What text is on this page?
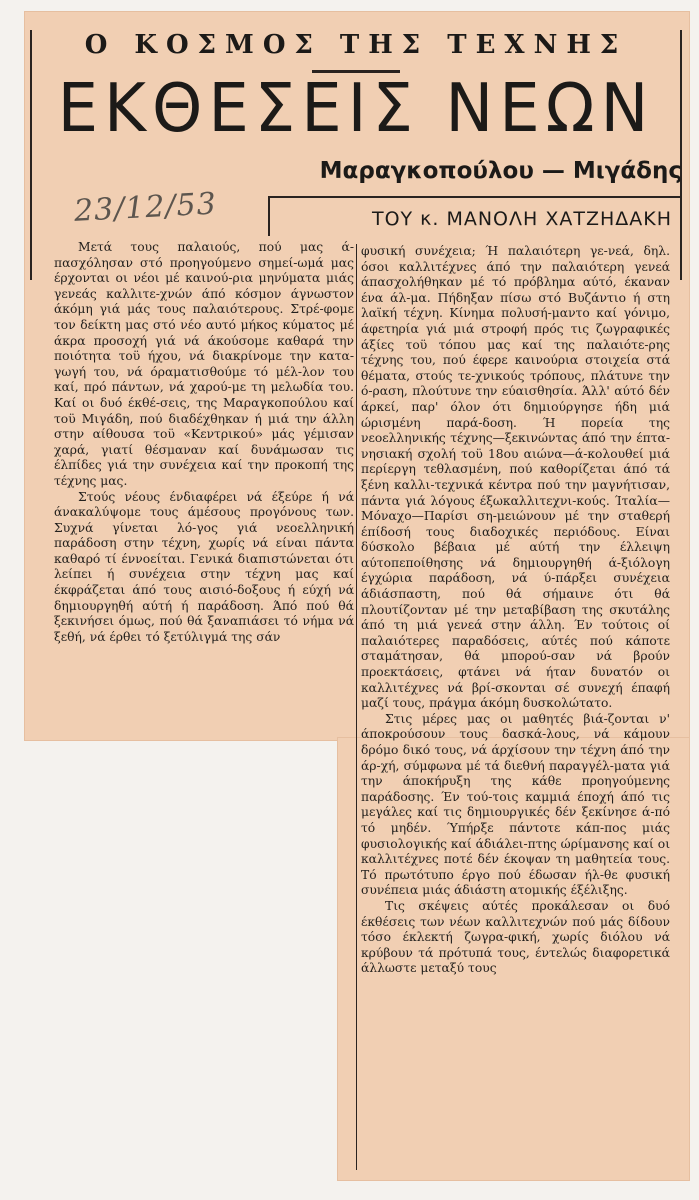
Ο ΚΟΣΜΟΣ ΤΗΣ ΤΕΧΝΗΣ
ΕΚΘΕΣΕΙΣ ΝΕΩΝ
Μαραγκοπούλου — Μιγάδης
ΤΟΥ κ. ΜΑΝΟΛΗ ΧΑΤΖΗΔΑΚΗ
23/12/53

Μετά τους παλαιούς, πού μας ά-πασχόλησαν στό προηγούμενο σημεί-ωμά μας έρχονται οι νέοι μέ καινού-ρια μηνύματα μιάς γενεάς καλλιτε-χνών άπό κόσμον άγνωστον άκόμη γιά μάς τους παλαιότερους. Στρέ-φομε τον δείκτη μας στό νέο αυτό μήκος κύματος μέ άκρα προσοχή γιά νά άκούσομε καθαρά την ποιότητα τοϋ ήχου, νά διακρίνομε την κατα-γωγή του, νά όραματισθούμε τό μέλ-λον του καί, πρό πάντων, νά χαρού-με τη μελωδία του. Καί οι δυό έκθέ-σεις, της Μαραγκοπούλου καί τοϋ Μιγάδη, πού διαδέχθηκαν ή μιά την άλλη στην αίθουσα τοϋ «Κεντρικού» μάς γέμισαν χαρά, γιατί θέσμαναν καί δυνάμωσαν τις έλπίδες γιά την συνέχεια καί την προκοπή της τέχνης μας.

Στούς νέους ένδιαφέρει νά έξεύρε ή νά άνακαλύψομε τους άμέσους προγόνους των. Συχνά γίνεται λό-γος γιά νεοελληνική παράδοση στην τέχνη, χωρίς νά είναι πάντα καθαρό τί έννοείται. Γενικά διαπιστώνεται ότι λείπει ή συνέχεια στην τέχνη μας καί έκφράζεται άπό τους αισιό-δοξους ή εύχή νά δημιουργηθή αύτή ή παράδοση. Άπό πού θά ξεκινήσει όμως, πού θά ξαναπιάσει τό νήμα νά ξεθή, νά έρθει τό ξετύλιγμά της σάν

φυσική συνέχεια; Ή παλαιότερη γε-νεά, δηλ. όσοι καλλιτέχνες άπό την παλαιότερη γενεά άπασχολήθηκαν μέ τό πρόβλημα αύτό, έκαναν ένα άλ-μα. Πήδηξαν πίσω στό Βυζάντιο ή στη λαϊκή τέχνη. Κίνημα πολυσή-μαντο καί γόνιμο, άφετηρία γιά μιά στροφή πρός τις ζωγραφικές άξίες τοϋ τόπου μας καί της παλαιότε-ρης τέχνης του, πού έφερε καινούρια στοιχεία στά θέματα, στούς τε-χνικούς τρόπους, πλάτυνε την ό-ραση, πλούτυνε την εύαισθησία. Άλλ' αύτό δέν άρκεί, παρ' όλον ότι δημιούργησε ήδη μιά ώρισμένη παρά-δοση. Ή πορεία της νεοελληνικής τέχνης—ξεκινώντας άπό την έπτα-νησιακή σχολή τοϋ 18ου αιώνα—ά-κολουθεί μιά περίεργη τεθλασμένη, πού καθορίζεται άπό τά ξένη καλλι-τεχνικά κέντρα πού την μαγνήτισαν, πάντα γιά λόγους έξωκαλλιτεχνι-κούς. Ίταλία—Μόναχο—Παρίσι ση-μειώνουν μέ την σταθερή έπίδοσή τους διαδοχικές περιόδους. Είναι δύσκολο βέβαια μέ αύτή την έλλειψη αύτοπεποίθησης νά δημιουργηθή ά-ξιόλογη έγχώρια παράδοση, νά ύ-πάρξει συνέχεια άδιάσπαστη, πού θά σήμαινε ότι θά πλουτίζονταν μέ την μεταβίβαση της σκυτάλης άπό τη μιά γενεά στην άλλη. Έν τούτοις οί παλαιότερες παραδόσεις, αύτές πού κάποτε σταμάτησαν, θά μπορού-σαν νά βρούν προεκτάσεις, φτάνει νά ήταν δυνατόν οι καλλιτέχνες νά βρί-σκονται σέ συνεχή έπαφή μαζί τους, πράγμα άκόμη δυσκολώτατο.

Στις μέρες μας οι μαθητές βιά-ζονται ν' άποκρούσουν τους δασκά-λους, νά κάμουν δρόμο δικό τους, νά άρχίσουν την τέχνη άπό την άρ-χή, σύμφωνα μέ τά διεθνή παραγγέλ-ματα γιά την άποκήρυξη της κάθε προηγούμενης παράδοσης. Έν τού-τοις καμμιά έποχή άπό τις μεγάλες καί τις δημιουργικές δέν ξεκίνησε ά-πό τό μηδέν. Ύπήρξε πάντοτε κάπ-πος μιάς φυσιολογικής καί άδιάλει-πτης ώρίμανσης καί οι καλλιτέχνες ποτέ δέν έκοψαν τη μαθητεία τους. Τό πρωτότυπο έργο πού έδωσαν ήλ-θε φυσική συνέπεια μιάς άδιάστη ατομικής έξέλιξης.

Τις σκέψεις αύτές προκάλεσαν οι δυό έκθέσεις των νέων καλλιτεχνών πού μάς δίδουν τόσο έκλεκτή ζωγρα-φική, χωρίς διόλου νά κρύβουν τά πρότυπά τους, έντελώς διαφορετικά άλλωστε μεταξύ τους
